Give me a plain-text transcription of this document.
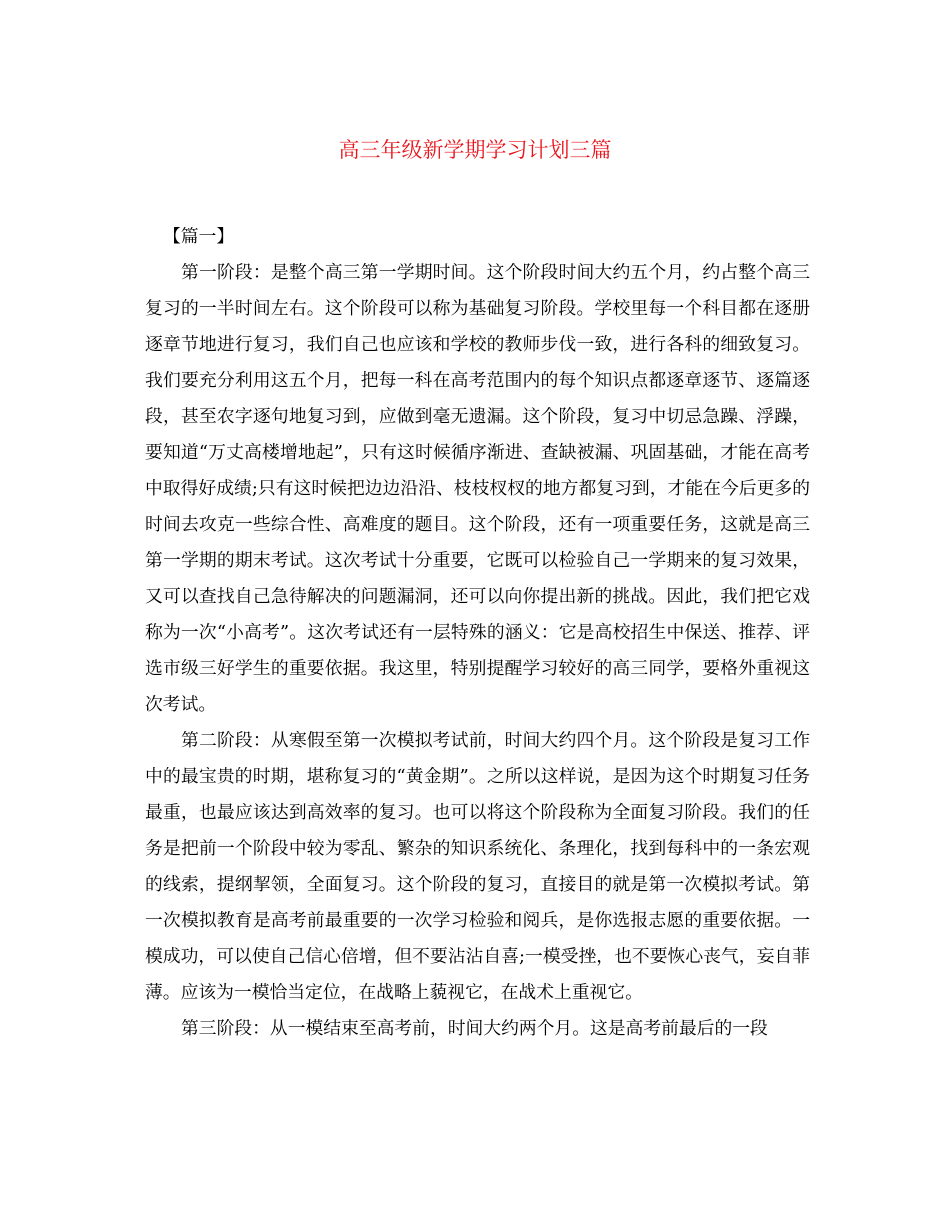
高三年级新学期学习计划三篇

【篇一】

第一阶段：是整个高三第一学期时间。这个阶段时间大约五个月，约占整个高三复习的一半时间左右。这个阶段可以称为基础复习阶段。学校里每一个科目都在逐册逐章节地进行复习，我们自己也应该和学校的教师步伐一致，进行各科的细致复习。我们要充分利用这五个月，把每一科在高考范围内的每个知识点都逐章逐节、逐篇逐段，甚至农字逐句地复习到，应做到毫无遗漏。这个阶段，复习中切忌急躁、浮躁，要知道“万丈高楼增地起”，只有这时候循序渐进、查缺被漏、巩固基础，才能在高考中取得好成绩;只有这时候把边边沿沿、枝枝杈杈的地方都复习到，才能在今后更多的时间去攻克一些综合性、高难度的题目。这个阶段，还有一项重要任务，这就是高三第一学期的期末考试。这次考试十分重要，它既可以检验自己一学期来的复习效果，又可以查找自己急待解决的问题漏洞，还可以向你提出新的挑战。因此，我们把它戏称为一次“小高考”。这次考试还有一层特殊的涵义：它是高校招生中保送、推荐、评选市级三好学生的重要依据。我这里，特别提醒学习较好的高三同学，要格外重视这次考试。

第二阶段：从寒假至第一次模拟考试前，时间大约四个月。这个阶段是复习工作中的最宝贵的时期，堪称复习的“黄金期”。之所以这样说，是因为这个时期复习任务最重，也最应该达到高效率的复习。也可以将这个阶段称为全面复习阶段。我们的任务是把前一个阶段中较为零乱、繁杂的知识系统化、条理化，找到每科中的一条宏观的线索，提纲挈领，全面复习。这个阶段的复习，直接目的就是第一次模拟考试。第一次模拟教育是高考前最重要的一次学习检验和阅兵，是你选报志愿的重要依据。一模成功，可以使自己信心倍增，但不要沾沾自喜;一模受挫，也不要恢心丧气，妄自菲薄。应该为一模恰当定位，在战略上藐视它，在战术上重视它。

第三阶段：从一模结束至高考前，时间大约两个月。这是高考前最后的一段
